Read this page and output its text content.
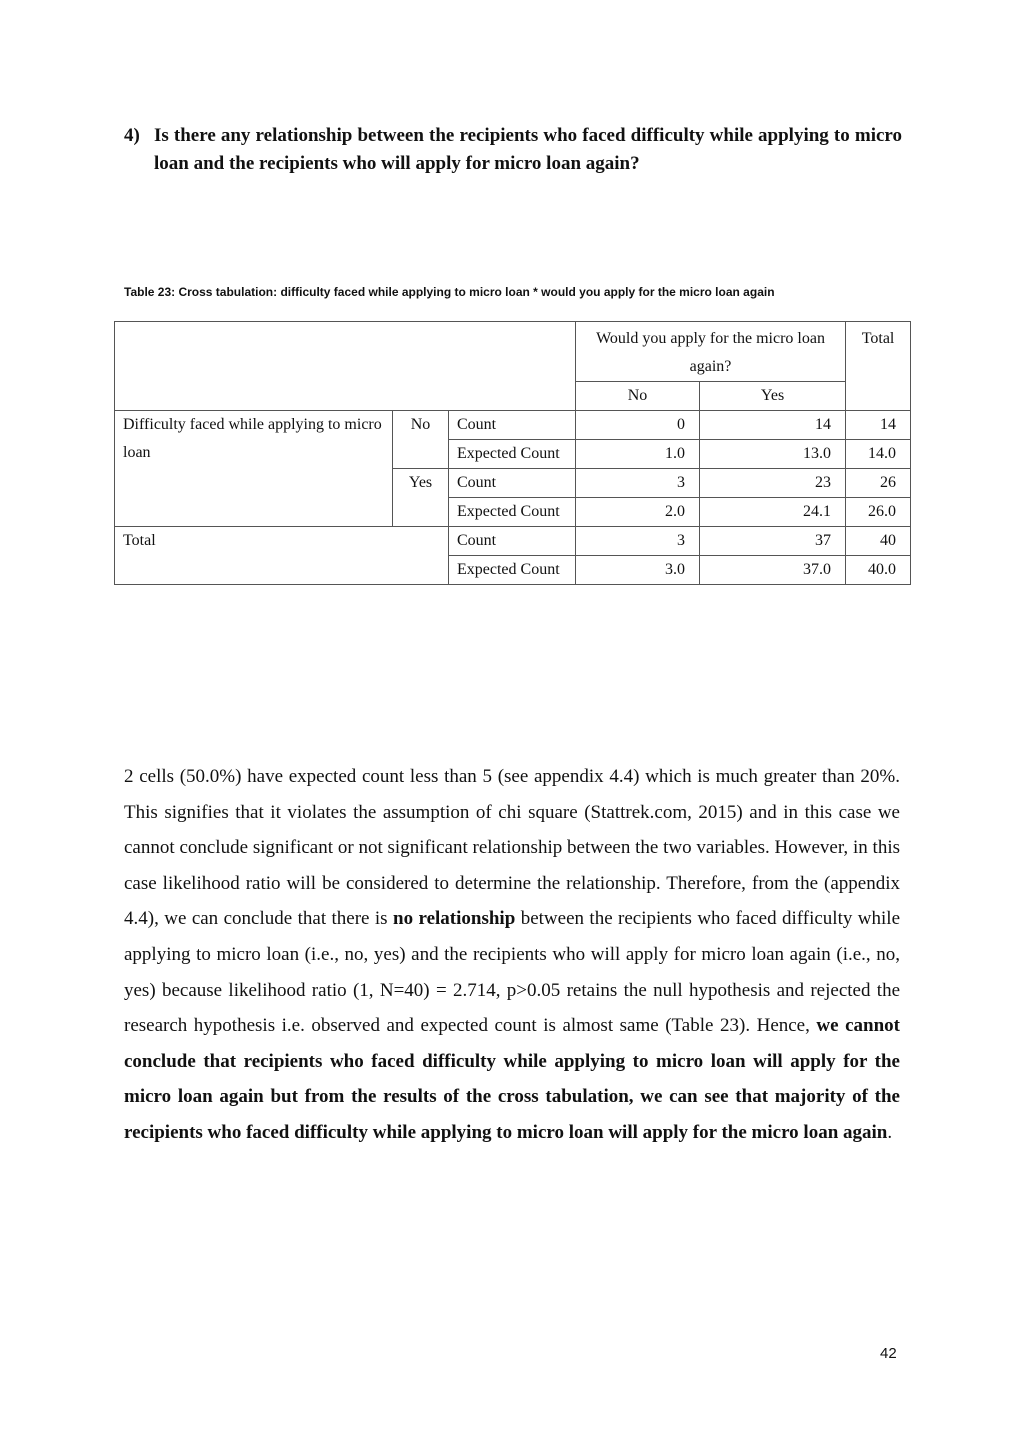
4) Is there any relationship between the recipients who faced difficulty while applying to micro loan and the recipients who will apply for micro loan again?
Table 23: Cross tabulation: difficulty faced while applying to micro loan * would you apply for the micro loan again
			Would you apply for the micro loan again?		Total
			No	Yes	
Difficulty faced while applying to micro loan	No	Count	0	14	14
		Expected Count	1.0	13.0	14.0
	Yes	Count	3	23	26
		Expected Count	2.0	24.1	26.0
Total		Count	3	37	40
		Expected Count	3.0	37.0	40.0
2 cells (50.0%) have expected count less than 5 (see appendix 4.4) which is much greater than 20%. This signifies that it violates the assumption of chi square (Stattrek.com, 2015) and in this case we cannot conclude significant or not significant relationship between the two variables. However, in this case likelihood ratio will be considered to determine the relationship. Therefore, from the (appendix 4.4), we can conclude that there is no relationship between the recipients who faced difficulty while applying to micro loan (i.e., no, yes) and the recipients who will apply for micro loan again (i.e., no, yes) because likelihood ratio (1, N=40) = 2.714, p>0.05 retains the null hypothesis and rejected the research hypothesis i.e. observed and expected count is almost same (Table 23). Hence, we cannot conclude that recipients who faced difficulty while applying to micro loan will apply for the micro loan again but from the results of the cross tabulation, we can see that majority of the recipients who faced difficulty while applying to micro loan will apply for the micro loan again.
42
